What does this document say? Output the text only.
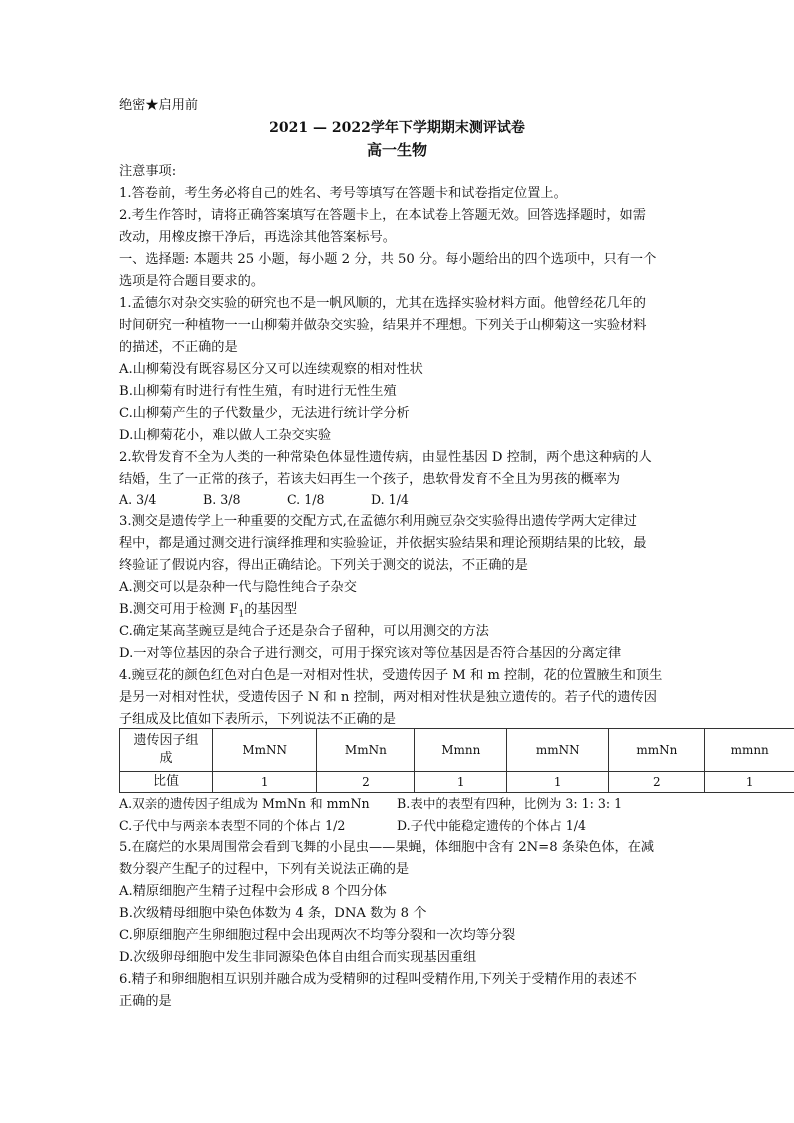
绝密★启用前
2021 — 2022学年下学期期末测评试卷
高一生物
注意事项:
1.答卷前，考生务必将自己的姓名、考号等填写在答题卡和试卷指定位置上。
2.考生作答时，请将正确答案填写在答题卡上，在本试卷上答题无效。回答选择题时，如需
改动，用橡皮擦干净后，再选涂其他答案标号。
一、选择题: 本题共 25 小题，每小题 2 分，共 50 分。每小题给出的四个选项中，只有一个
选项是符合题目要求的。
1.孟德尔对杂交实验的研究也不是一帆风顺的，尤其在选择实验材料方面。他曾经花几年的
时间研究一种植物一一山柳菊并做杂交实验，结果并不理想。下列关于山柳菊这一实验材料
的描述，不正确的是
A.山柳菊没有既容易区分又可以连续观察的相对性状
B.山柳菊有时进行有性生殖，有时进行无性生殖
C.山柳菊产生的子代数量少，无法进行统计学分析
D.山柳菊花小，难以做人工杂交实验
2.软骨发育不全为人类的一种常染色体显性遗传病，由显性基因 D 控制，两个患这种病的人
结婚，生了一正常的孩子，若该夫妇再生一个孩子，患软骨发育不全且为男孩的概率为
A. 3/4	B. 3/8	C. 1/8	D. 1/4
3.测交是遗传学上一种重要的交配方式,在孟德尔利用豌豆杂交实验得出遗传学两大定律过
程中，都是通过测交进行演绎推理和实验验证，并依据实验结果和理论预期结果的比较，最
终验证了假说内容，得出正确结论。下列关于测交的说法，不正确的是
A.测交可以是杂种一代与隐性纯合子杂交
B.测交可用于检测 $F_1$的基因型
C.确定某高茎豌豆是纯合子还是杂合子留种，可以用测交的方法
D.一对等位基因的杂合子进行测交，可用于探究该对等位基因是否符合基因的分离定律
4.豌豆花的颜色红色对白色是一对相对性状，受遗传因子 M 和 m 控制，花的位置腋生和顶生
是另一对相对性状，受遗传因子 N 和 n 控制，两对相对性状是独立遗传的。若子代的遗传因
子组成及比值如下表所示，下列说法不正确的是
遗传因子组
成	MmNN	MmNn	Mmnn	mmNN	mmNn	mmnn
比值	1	2	1	1	2	1
A.双亲的遗传因子组成为 MmNn 和 mmNn B.表中的表型有四种，比例为 3: 1: 3: 1
C.子代中与两亲本表型不同的个体占 1/2	D.子代中能稳定遗传的个体占 1/4
5.在腐烂的水果周围常会看到飞舞的小昆虫——果蝇，体细胞中含有 2N=8 条染色体，在减
数分裂产生配子的过程中，下列有关说法正确的是
A.精原细胞产生精子过程中会形成 8 个四分体
B.次级精母细胞中染色体数为 4 条，DNA 数为 8 个
C.卵原细胞产生卵细胞过程中会出现两次不均等分裂和一次均等分裂
D.次级卵母细胞中发生非同源染色体自由组合而实现基因重组
6.精子和卵细胞相互识别并融合成为受精卵的过程叫受精作用,下列关于受精作用的表述不
正确的是
